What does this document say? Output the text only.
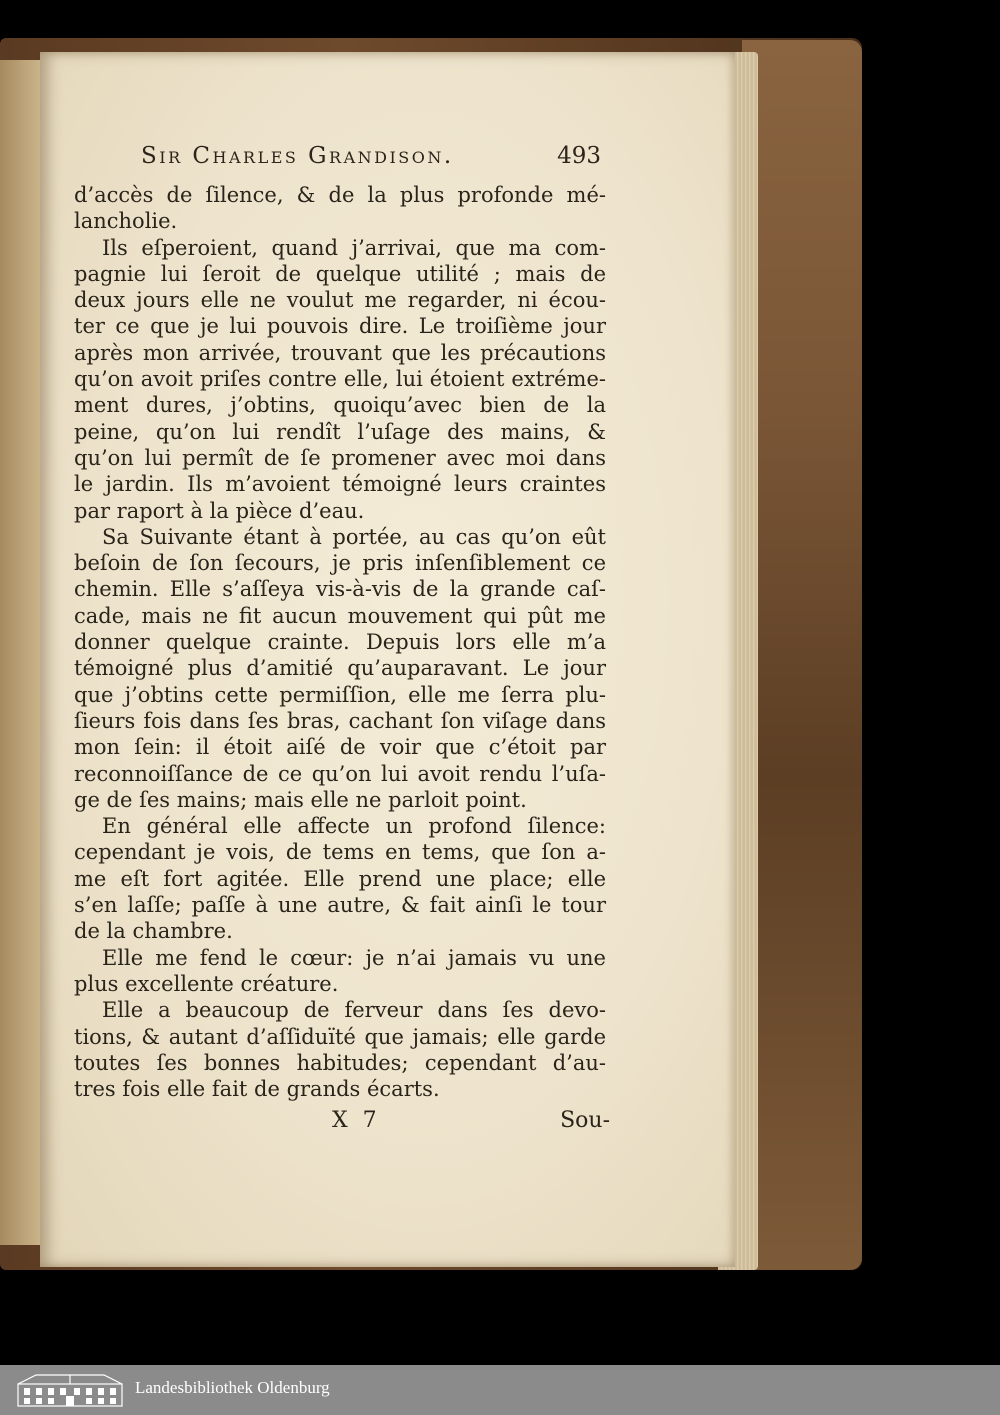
Sir Charles Grandison.	493
d’accès de ſilence, & de la plus profonde mé-
lancholie.
Ils eſperoient, quand j’arrivai, que ma com-
pagnie lui ſeroit de quelque utilité ; mais de
deux jours elle ne voulut me regarder, ni écou-
ter ce que je lui pouvois dire. Le troiſième jour
après mon arrivée, trouvant que les précautions
qu’on avoit priſes contre elle, lui étoient extréme-
ment dures, j’obtins, quoiqu’avec bien de la
peine, qu’on lui rendît l’uſage des mains, &
qu’on lui permît de ſe promener avec moi dans
le jardin. Ils m’avoient témoigné leurs craintes
par raport à la pièce d’eau.
Sa Suivante étant à portée, au cas qu’on eût
beſoin de ſon ſecours, je pris inſenſiblement ce
chemin. Elle s’aſſeya vis-à-vis de la grande caſ-
cade, mais ne fit aucun mouvement qui pût me
donner quelque crainte. Depuis lors elle m’a
témoigné plus d’amitié qu’auparavant. Le jour
que j’obtins cette permiſſion, elle me ſerra plu-
ſieurs fois dans ſes bras, cachant ſon viſage dans
mon ſein: il étoit aiſé de voir que c’étoit par
reconnoiſſance de ce qu’on lui avoit rendu l’uſa-
ge de ſes mains; mais elle ne parloit point.
En général elle affecte un profond ſilence:
cependant je vois, de tems en tems, que ſon a-
me eſt fort agitée. Elle prend une place; elle
s’en laſſe; paſſe à une autre, & fait ainſi le tour
de la chambre.
Elle me fend le cœur: je n’ai jamais vu une
plus excellente créature.
Elle a beaucoup de ferveur dans ſes devo-
tions, & autant d’aſſiduïté que jamais; elle garde
toutes ſes bonnes habitudes; cependant d’au-
tres fois elle fait de grands écarts.
X 7	Sou-
Landesbibliothek Oldenburg
